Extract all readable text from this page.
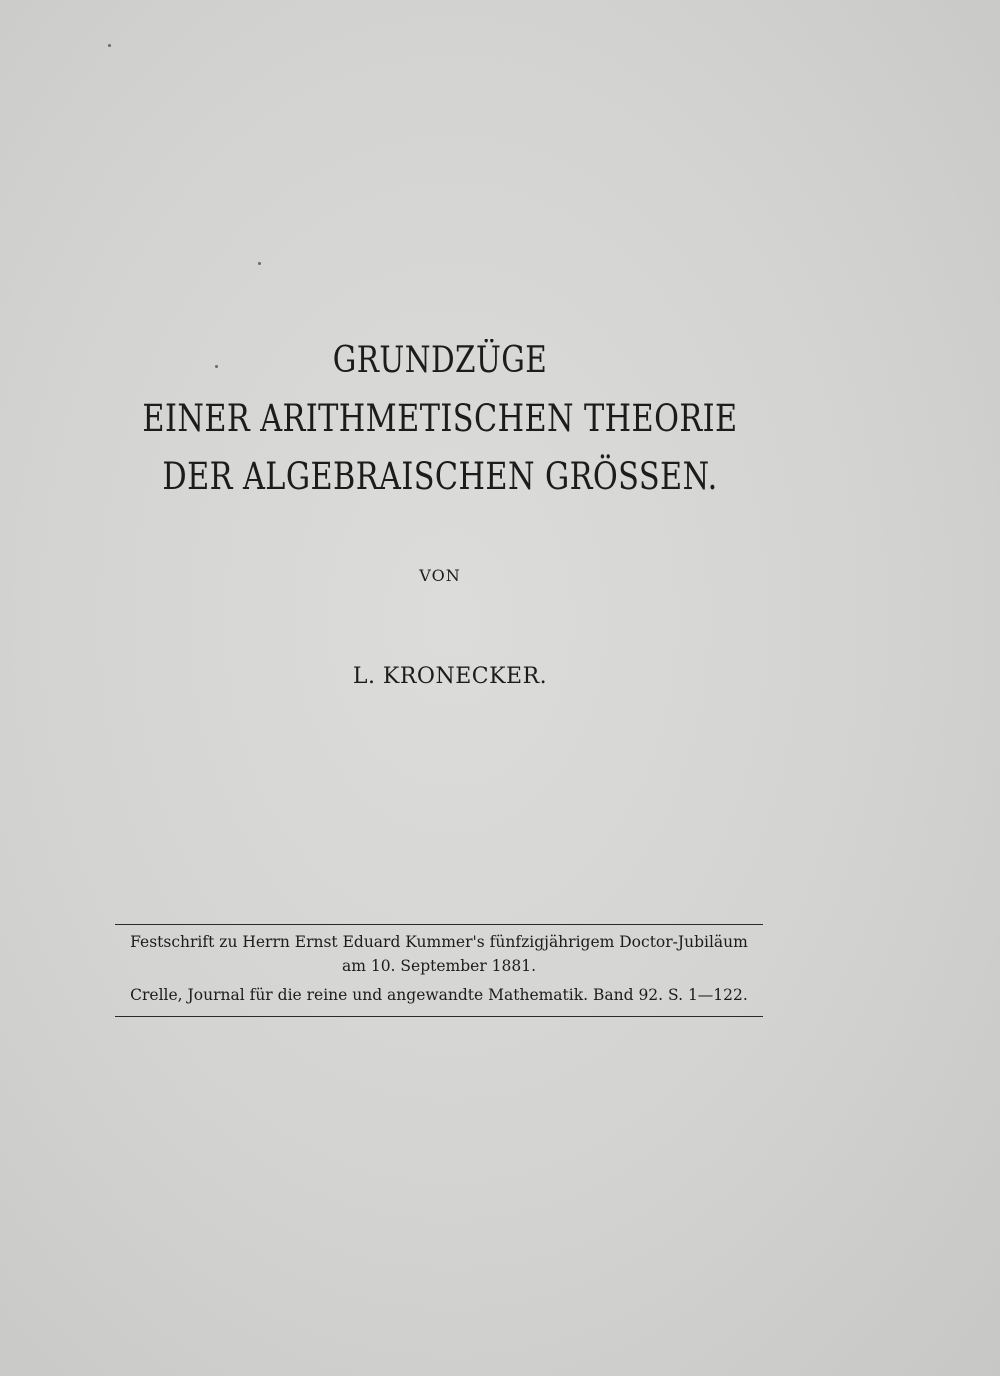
GRUNDZÜGE
EINER ARITHMETISCHEN THEORIE
DER ALGEBRAISCHEN GRÖSSEN.
VON
L. KRONECKER.
Festschrift zu Herrn Ernst Eduard Kummer's fünfzigjährigem Doctor-Jubiläum
am 10. September 1881.
Crelle, Journal für die reine und angewandte Mathematik. Band 92. S. 1—122.
